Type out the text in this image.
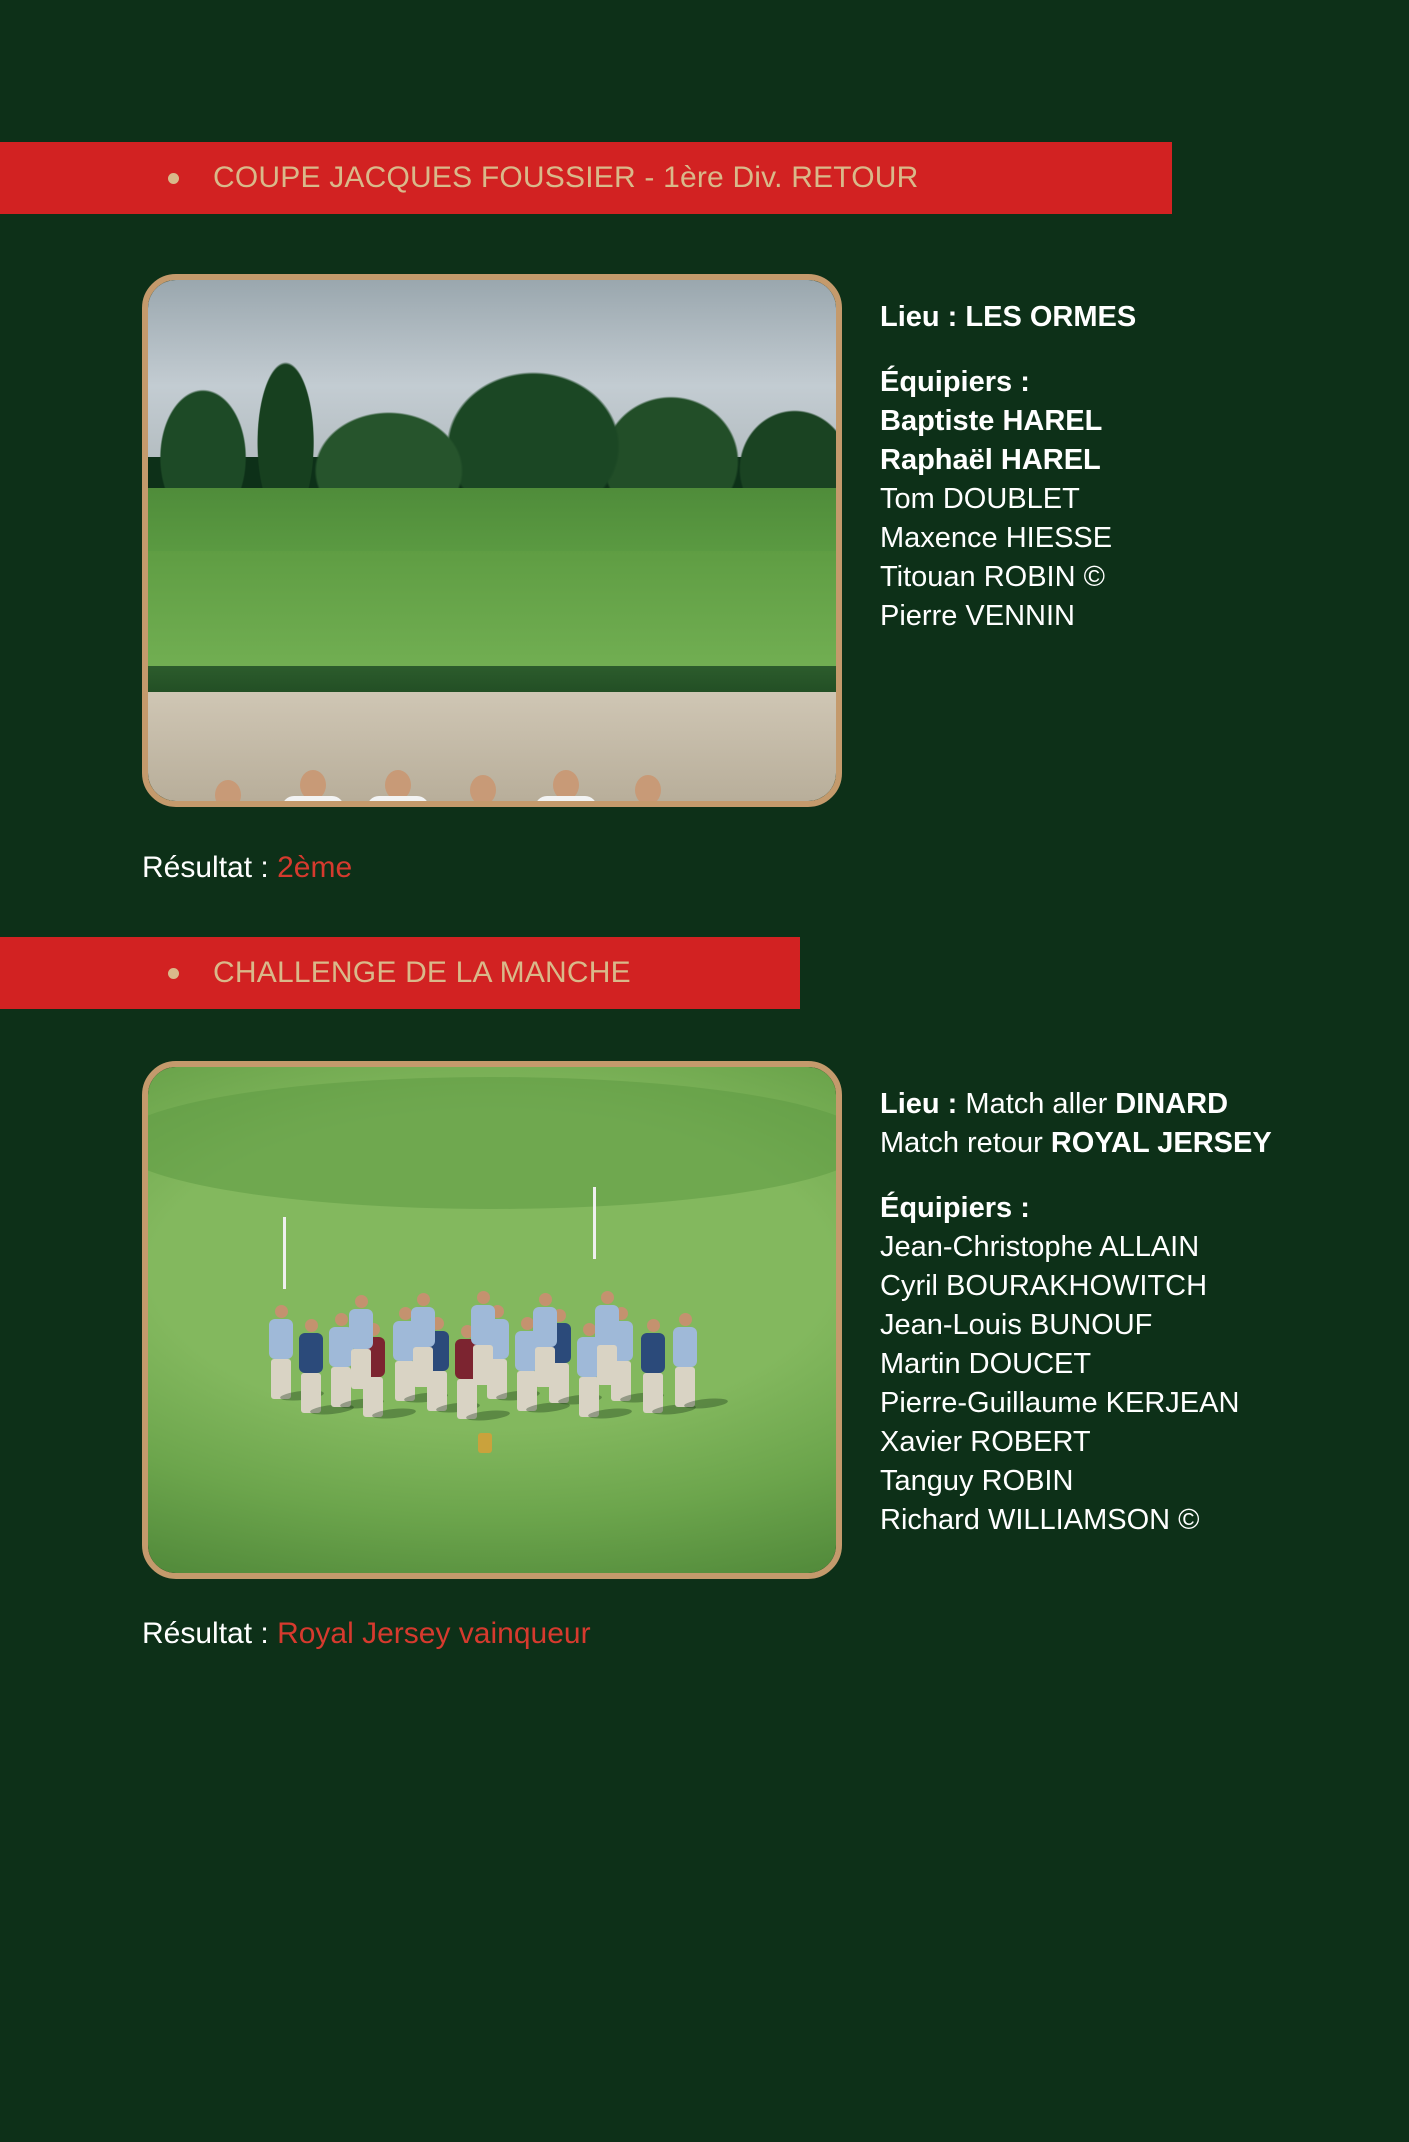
COUPE JACQUES FOUSSIER - 1ère Div. RETOUR
Lieu : LES ORMES
Équipiers :
Baptiste HAREL
Raphaël HAREL
Tom DOUBLET
Maxence HIESSE
Titouan ROBIN ©
Pierre VENNIN
Résultat : 2ème
CHALLENGE DE LA MANCHE
Lieu : Match aller DINARD
Match retour ROYAL JERSEY
Équipiers :
Jean-Christophe ALLAIN
Cyril BOURAKHOWITCH
Jean-Louis BUNOUF
Martin DOUCET
Pierre-Guillaume KERJEAN
Xavier ROBERT
Tanguy ROBIN
Richard WILLIAMSON ©
Résultat : Royal Jersey vainqueur
